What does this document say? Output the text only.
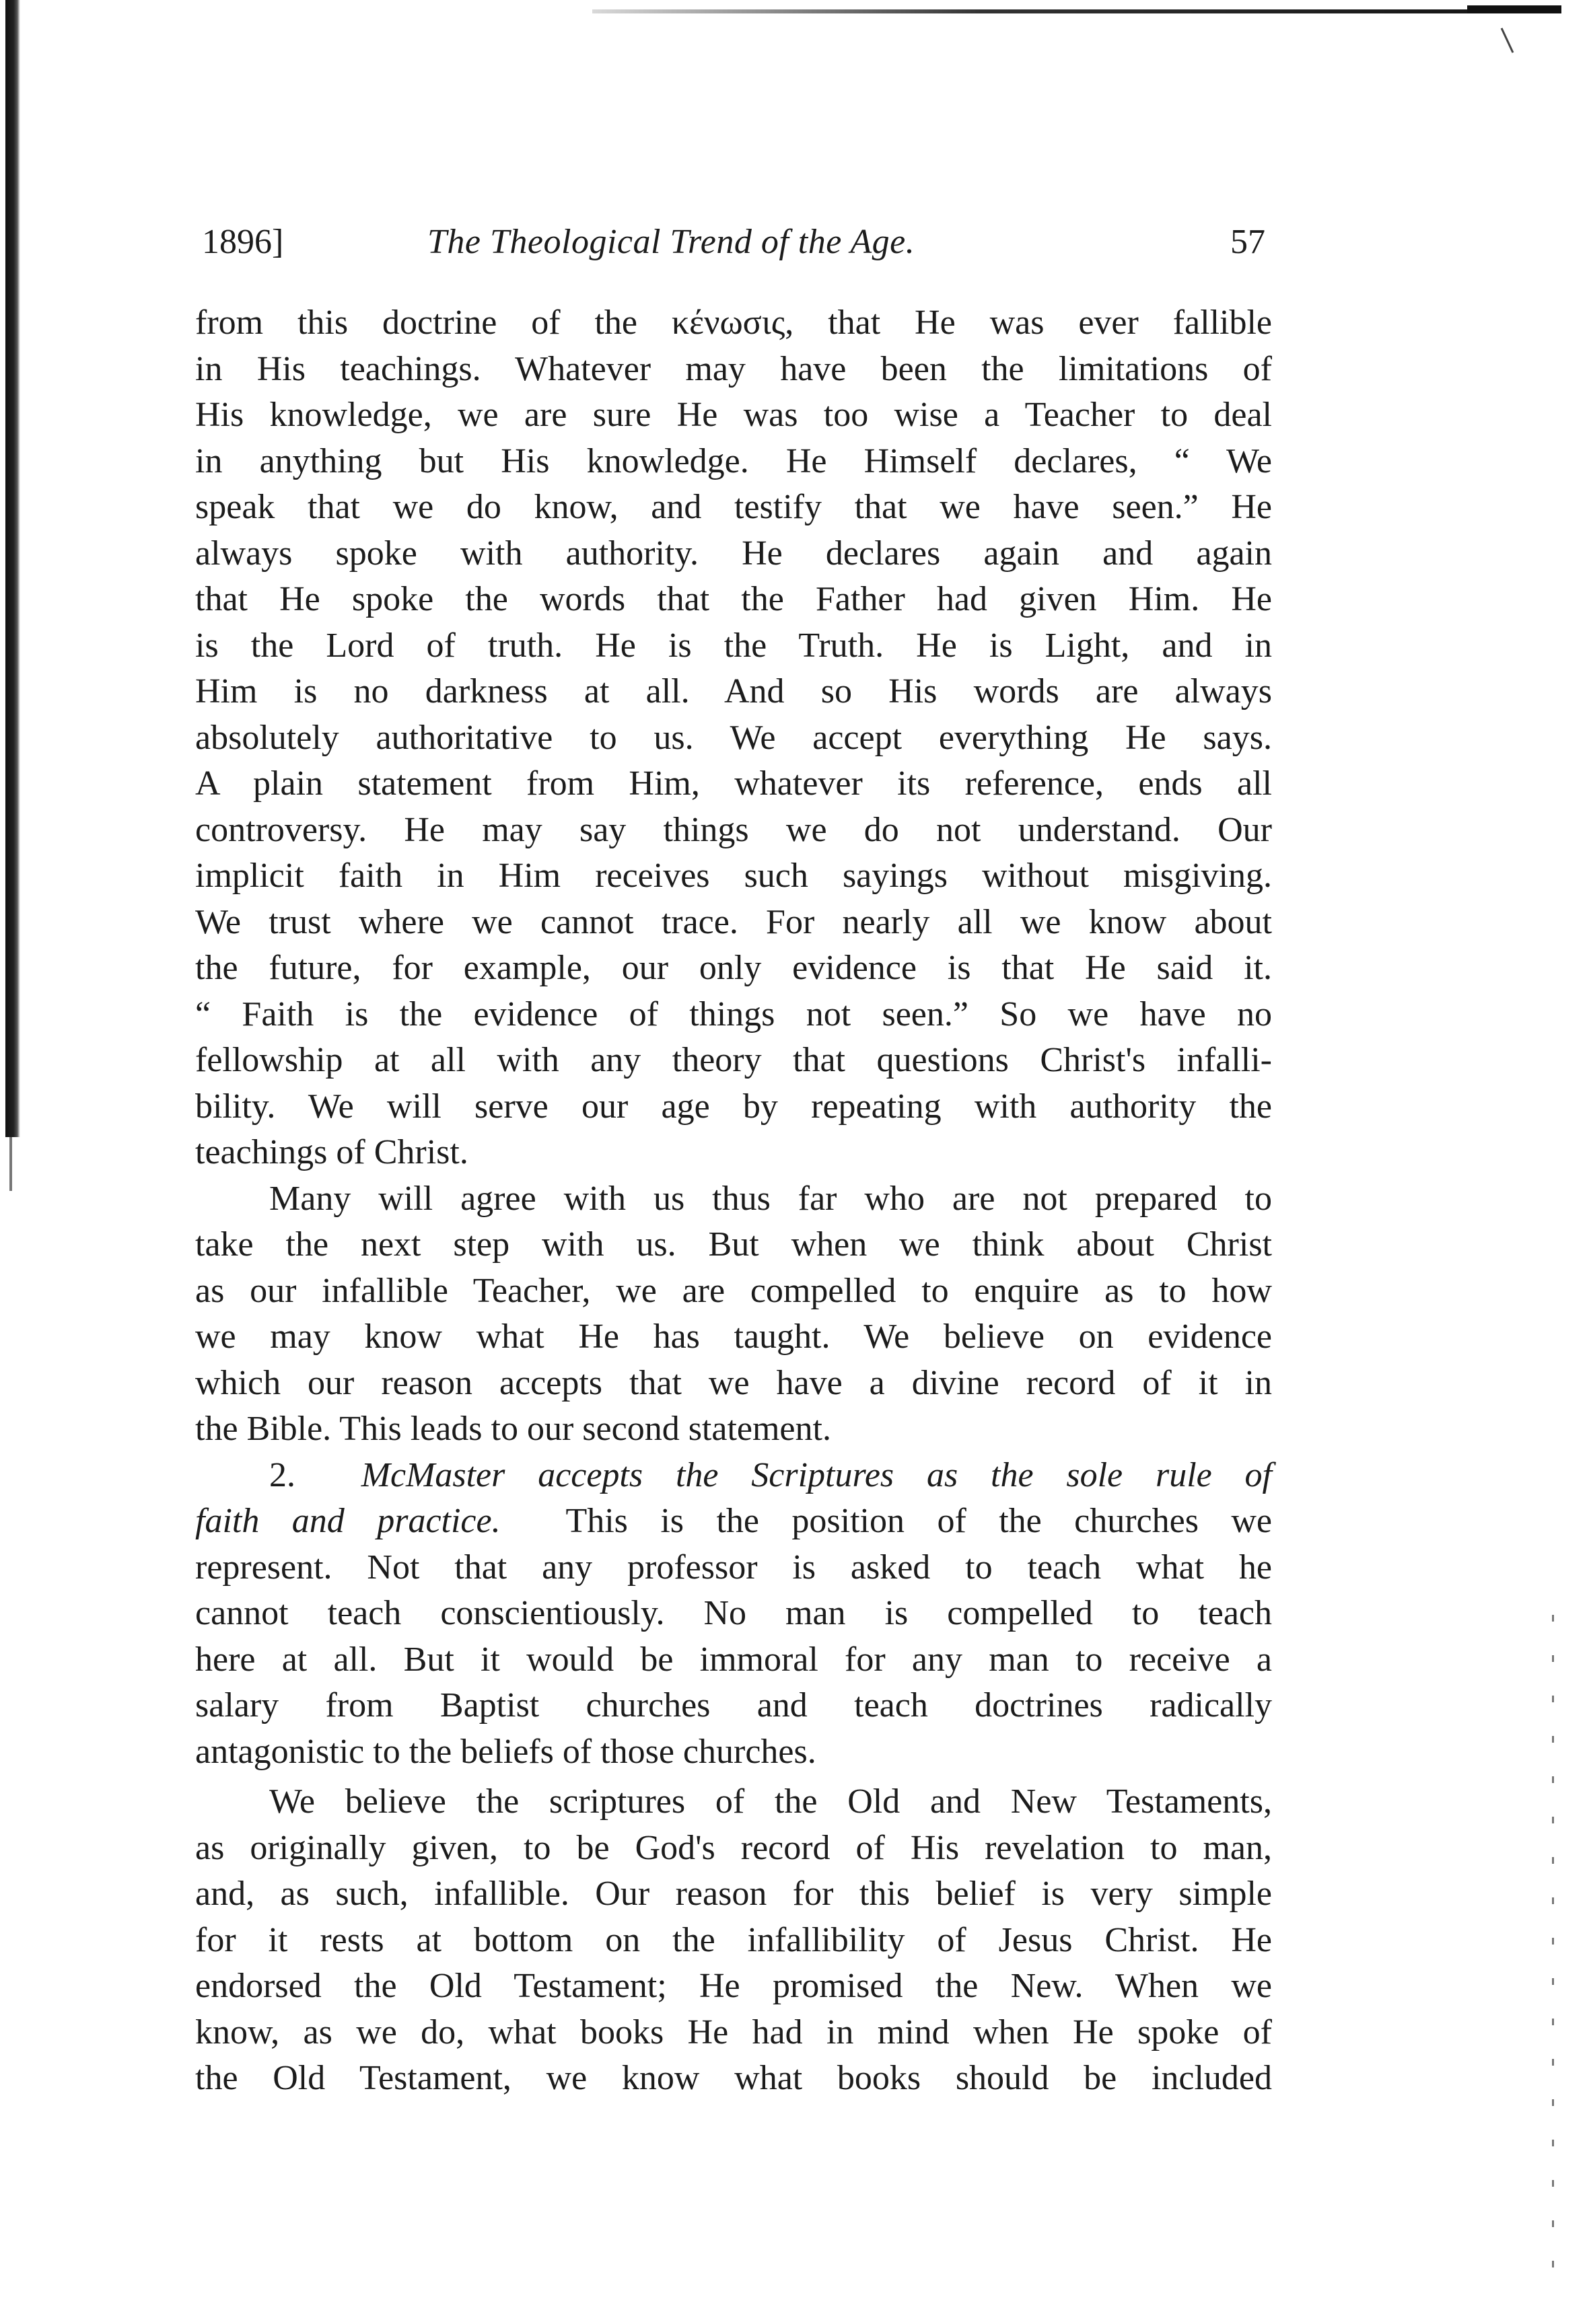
1896]	The Theological Trend of the Age.	57
from this doctrine of the κένωσις, that He was ever fallible
in His teachings. Whatever may have been the limitations of
His knowledge, we are sure He was too wise a Teacher to deal
in anything but His knowledge. He Himself declares, “ We
speak that we do know, and testify that we have seen.” He
always spoke with authority. He declares again and again
that He spoke the words that the Father had given Him. He
is the Lord of truth. He is the Truth. He is Light, and in
Him is no darkness at all. And so His words are always
absolutely authoritative to us. We accept everything He says.
A plain statement from Him, whatever its reference, ends all
controversy. He may say things we do not understand. Our
implicit faith in Him receives such sayings without misgiving.
We trust where we cannot trace. For nearly all we know about
the future, for example, our only evidence is that He said it.
“ Faith is the evidence of things not seen.” So we have no
fellowship at all with any theory that questions Christ's infalli-
bility. We will serve our age by repeating with authority the
teachings of Christ.
Many will agree with us thus far who are not prepared to
take the next step with us. But when we think about Christ
as our infallible Teacher, we are compelled to enquire as to how
we may know what He has taught. We believe on evidence
which our reason accepts that we have a divine record of it in
the Bible. This leads to our second statement.
2. McMaster accepts the Scriptures as the sole rule of
faith and practice. This is the position of the churches we
represent. Not that any professor is asked to teach what he
cannot teach conscientiously. No man is compelled to teach
here at all. But it would be immoral for any man to receive a
salary from Baptist churches and teach doctrines radically
antagonistic to the beliefs of those churches.
We believe the scriptures of the Old and New Testaments,
as originally given, to be God's record of His revelation to man,
and, as such, infallible. Our reason for this belief is very simple
for it rests at bottom on the infallibility of Jesus Christ. He
endorsed the Old Testament; He promised the New. When we
know, as we do, what books He had in mind when He spoke of
the Old Testament, we know what books should be included
